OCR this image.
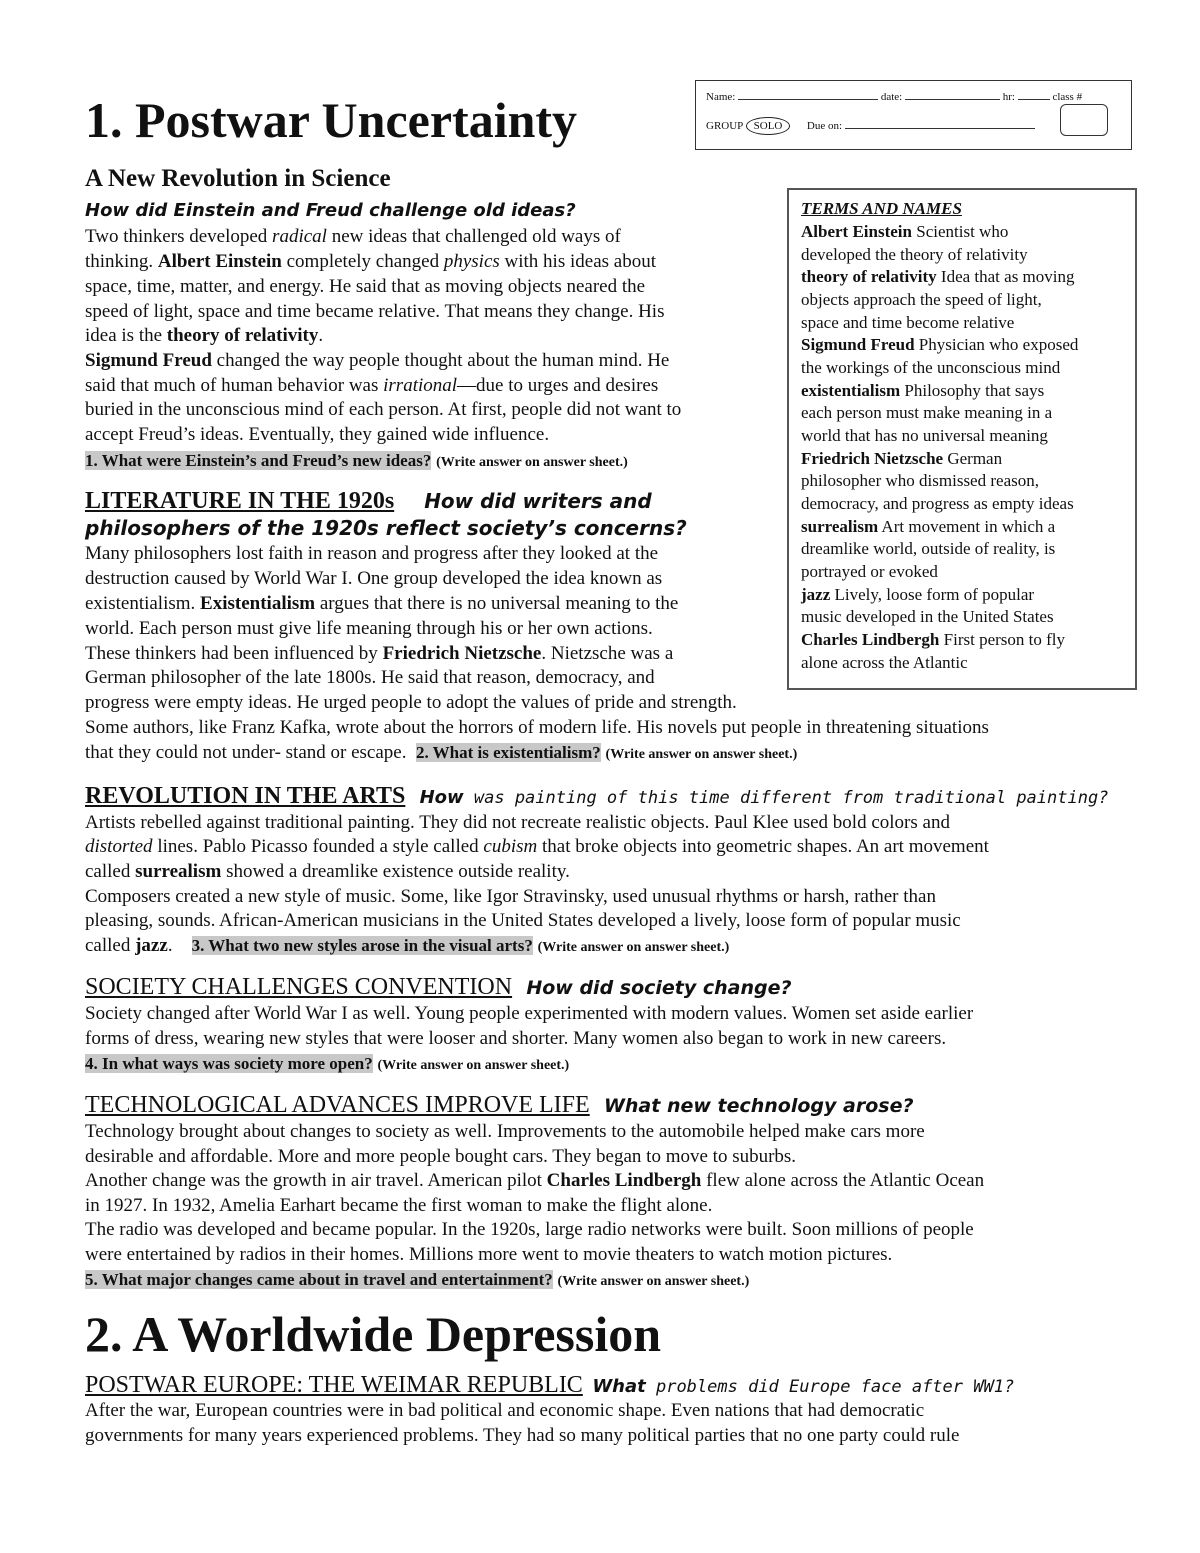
1. Postwar Uncertainty	Name:	date:	hr:	class #
GROUP SOLO Due on:
A New Revolution in Science
How did Einstein and Freud challenge old ideas?
Two thinkers developed radical new ideas that challenged old ways of
thinking. Albert Einstein completely changed physics with his ideas about
space, time, matter, and energy. He said that as moving objects neared the
speed of light, space and time became relative. That means they change. His
idea is the theory of relativity.
Sigmund Freud changed the way people thought about the human mind. He
said that much of human behavior was irrational—due to urges and desires
buried in the unconscious mind of each person. At first, people did not want to
accept Freud’s ideas. Eventually, they gained wide influence.
1. What were Einstein’s and Freud’s new ideas? (Write answer on answer sheet.)
LITERATURE IN THE 1920s How did writers and
philosophers of the 1920s reflect society’s concerns?
Many philosophers lost faith in reason and progress after they looked at the
destruction caused by World War I. One group developed the idea known as
existentialism. Existentialism argues that there is no universal meaning to the
world. Each person must give life meaning through his or her own actions.
These thinkers had been influenced by Friedrich Nietzsche. Nietzsche was a
German philosopher of the late 1800s. He said that reason, democracy, and
progress were empty ideas. He urged people to adopt the values of pride and strength.
Some authors, like Franz Kafka, wrote about the horrors of modern life. His novels put people in threatening situations
that they could not under- stand or escape. 2. What is existentialism? (Write answer on answer sheet.)
REVOLUTION IN THE ARTS How was painting of this time different from traditional painting?
Artists rebelled against traditional painting. They did not recreate realistic objects. Paul Klee used bold colors and
distorted lines. Pablo Picasso founded a style called cubism that broke objects into geometric shapes. An art movement
called surrealism showed a dreamlike existence outside reality.
Composers created a new style of music. Some, like Igor Stravinsky, used unusual rhythms or harsh, rather than
pleasing, sounds. African-American musicians in the United States developed a lively, loose form of popular music
called jazz. 3. What two new styles arose in the visual arts? (Write answer on answer sheet.)
SOCIETY CHALLENGES CONVENTION How did society change?
Society changed after World War I as well. Young people experimented with modern values. Women set aside earlier
forms of dress, wearing new styles that were looser and shorter. Many women also began to work in new careers.
4. In what ways was society more open? (Write answer on answer sheet.)
TECHNOLOGICAL ADVANCES IMPROVE LIFE What new technology arose?
Technology brought about changes to society as well. Improvements to the automobile helped make cars more
desirable and affordable. More and more people bought cars. They began to move to suburbs.
Another change was the growth in air travel. American pilot Charles Lindbergh flew alone across the Atlantic Ocean
in 1927. In 1932, Amelia Earhart became the first woman to make the flight alone.
The radio was developed and became popular. In the 1920s, large radio networks were built. Soon millions of people
were entertained by radios in their homes. Millions more went to movie theaters to watch motion pictures.
5. What major changes came about in travel and entertainment? (Write answer on answer sheet.)
2. A Worldwide Depression
POSTWAR EUROPE: THE WEIMAR REPUBLIC What problems did Europe face after WW1?
After the war, European countries were in bad political and economic shape. Even nations that had democratic
governments for many years experienced problems. They had so many political parties that no one party could rule
TERMS AND NAMES
Albert Einstein Scientist who
developed the theory of relativity
theory of relativity Idea that as moving
objects approach the speed of light,
space and time become relative
Sigmund Freud Physician who exposed
the workings of the unconscious mind
existentialism Philosophy that says
each person must make meaning in a
world that has no universal meaning
Friedrich Nietzsche German
philosopher who dismissed reason,
democracy, and progress as empty ideas
surrealism Art movement in which a
dreamlike world, outside of reality, is
portrayed or evoked
jazz Lively, loose form of popular
music developed in the United States
Charles Lindbergh First person to fly
alone across the Atlantic
